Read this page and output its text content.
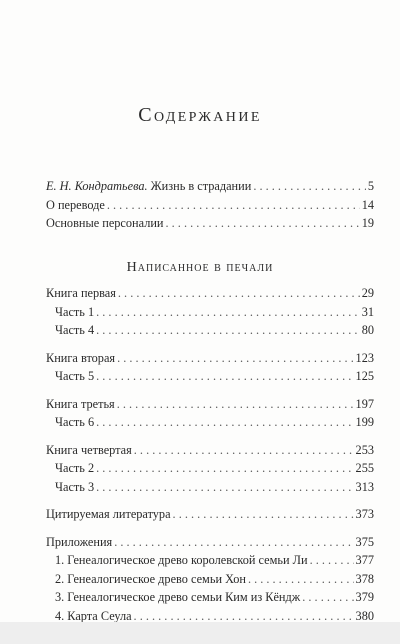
Содержание
Е. Н. Кондратьева. Жизнь в страдании . . .	5
О переводе . . .	14
Основные персоналии . . .	19
Написанное в печали
Книга первая . . .	29
Часть 1 . . .	31
Часть 4 . . .	80
Книга вторая . . .	123
Часть 5 . . .	125
Книга третья . . .	197
Часть 6 . . .	199
Книга четвертая . . .	253
Часть 2 . . .	255
Часть 3 . . .	313
Цитируемая литература . . .	373
Приложения . . .	375
1. Генеалогическое древо королевской семьи Ли . . .	377
2. Генеалогическое древо семьи Хон . . .	378
3. Генеалогическое древо семьи Ким из Кёндж . . .	379
4. Карта Сеула . . .	380
. . .
